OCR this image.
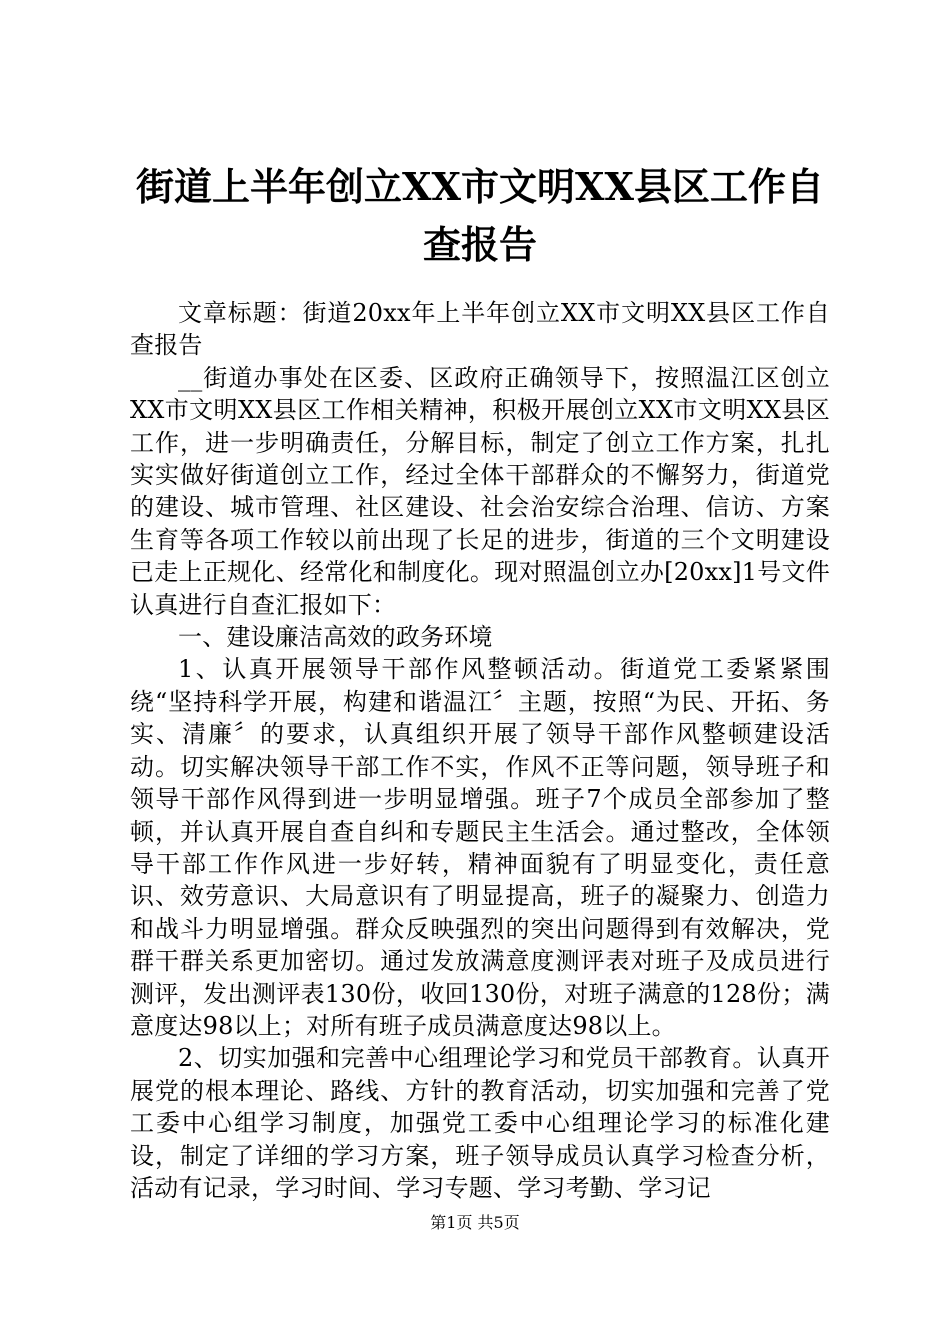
街道上半年创立XX市文明XX县区工作自查报告

文章标题：街道20xx年上半年创立XX市文明XX县区工作自查报告

__街道办事处在区委、区政府正确领导下，按照温江区创立XX市文明XX县区工作相关精神，积极开展创立XX市文明XX县区工作，进一步明确责任，分解目标，制定了创立工作方案，扎扎实实做好街道创立工作，经过全体干部群众的不懈努力，街道党的建设、城市管理、社区建设、社会治安综合治理、信访、方案生育等各项工作较以前出现了长足的进步，街道的三个文明建设已走上正规化、经常化和制度化。现对照温创立办[20xx]1号文件认真进行自查汇报如下：

一、建设廉洁高效的政务环境

1、认真开展领导干部作风整顿活动。街道党工委紧紧围绕“坚持科学开展，构建和谐温江〞主题，按照“为民、开拓、务实、清廉〞的要求，认真组织开展了领导干部作风整顿建设活动。切实解决领导干部工作不实，作风不正等问题，领导班子和领导干部作风得到进一步明显增强。班子7个成员全部参加了整顿，并认真开展自查自纠和专题民主生活会。通过整改，全体领导干部工作作风进一步好转，精神面貌有了明显变化，责任意识、效劳意识、大局意识有了明显提高，班子的凝聚力、创造力和战斗力明显增强。群众反映强烈的突出问题得到有效解决，党群干群关系更加密切。通过发放满意度测评表对班子及成员进行测评，发出测评表130份，收回130份，对班子满意的128份；满意度达98以上；对所有班子成员满意度达98以上。

2、切实加强和完善中心组理论学习和党员干部教育。认真开展党的根本理论、路线、方针的教育活动，切实加强和完善了党工委中心组学习制度，加强党工委中心组理论学习的标准化建设，制定了详细的学习方案，班子领导成员认真学习检查分析，活动有记录，学习时间、学习专题、学习考勤、学习记

第1页 共5页
